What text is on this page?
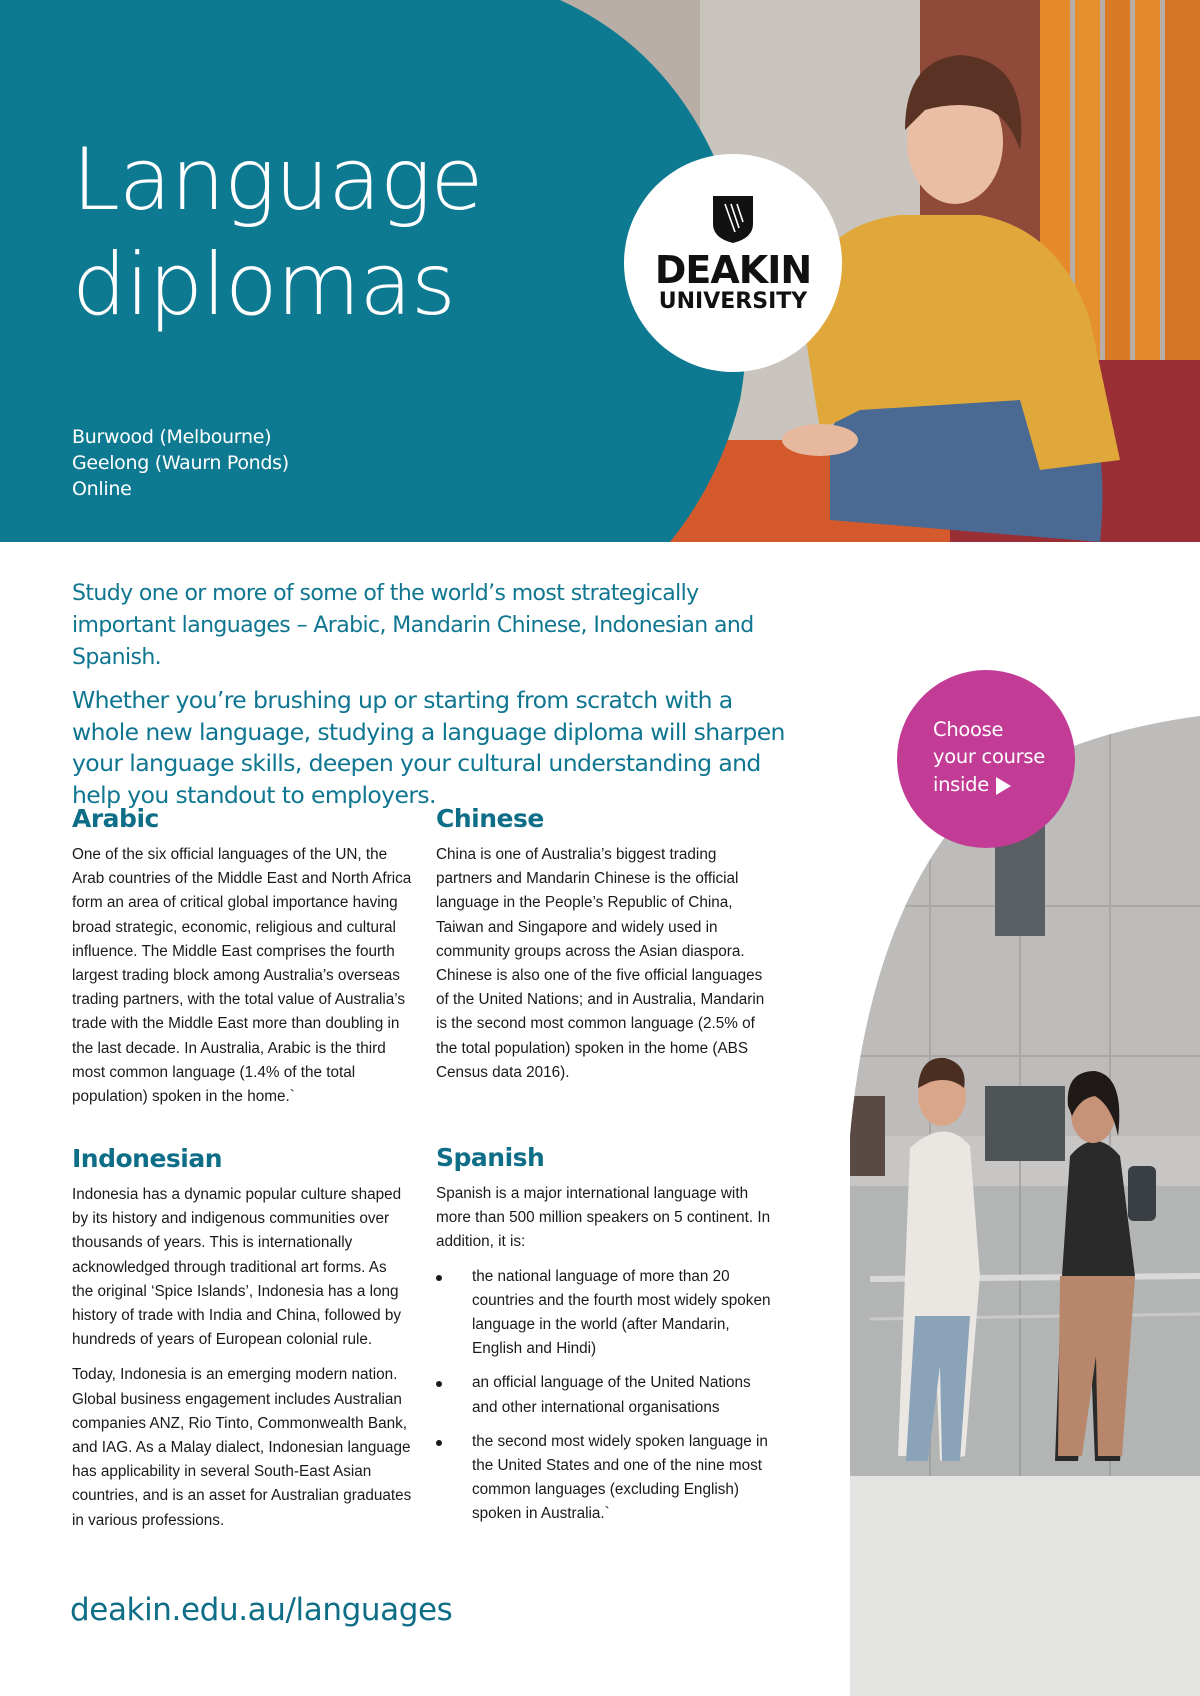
Language
diplomas
Burwood (Melbourne)
Geelong (Waurn Ponds)
Online
DEAKIN
UNIVERSITY

Study one or more of some of the world’s most strategically important languages – Arabic, Mandarin Chinese, Indonesian and Spanish.

Whether you’re brushing up or starting from scratch with a whole new language, studying a language diploma will sharpen your language skills, deepen your cultural understanding and help you standout to employers.

Arabic

One of the six official languages of the UN, the Arab countries of the Middle East and North Africa form an area of critical global importance having broad strategic, economic, religious and cultural influence. The Middle East comprises the fourth largest trading block among Australia’s overseas trading partners, with the total value of Australia’s trade with the Middle East more than doubling in the last decade. In Australia, Arabic is the third most common language (1.4% of the total population) spoken in the home.`

Chinese

China is one of Australia’s biggest trading partners and Mandarin Chinese is the official language in the People’s Republic of China, Taiwan and Singapore and widely used in community groups across the Asian diaspora. Chinese is also one of the five official languages of the United Nations; and in Australia, Mandarin is the second most common language (2.5% of the total population) spoken in the home (ABS Census data 2016).

Indonesian

Indonesia has a dynamic popular culture shaped by its history and indigenous communities over thousands of years. This is internationally acknowledged through traditional art forms. As the original ‘Spice Islands’, Indonesia has a long history of trade with India and China, followed by hundreds of years of European colonial rule.

Today, Indonesia is an emerging modern nation. Global business engagement includes Australian companies ANZ, Rio Tinto, Commonwealth Bank, and IAG. As a Malay dialect, Indonesian language has applicability in several South-East Asian countries, and is an asset for Australian graduates in various professions.

Spanish

Spanish is a major international language with more than 500 million speakers on 5 continent. In addition, it is:

the national language of more than 20 countries and the fourth most widely spoken language in the world (after Mandarin, English and Hindi)
an official language of the United Nations and other international organisations
the second most widely spoken language in the United States and one of the nine most common languages (excluding English) spoken in Australia.`
deakin.edu.au/languages
Choose
your course
inside
